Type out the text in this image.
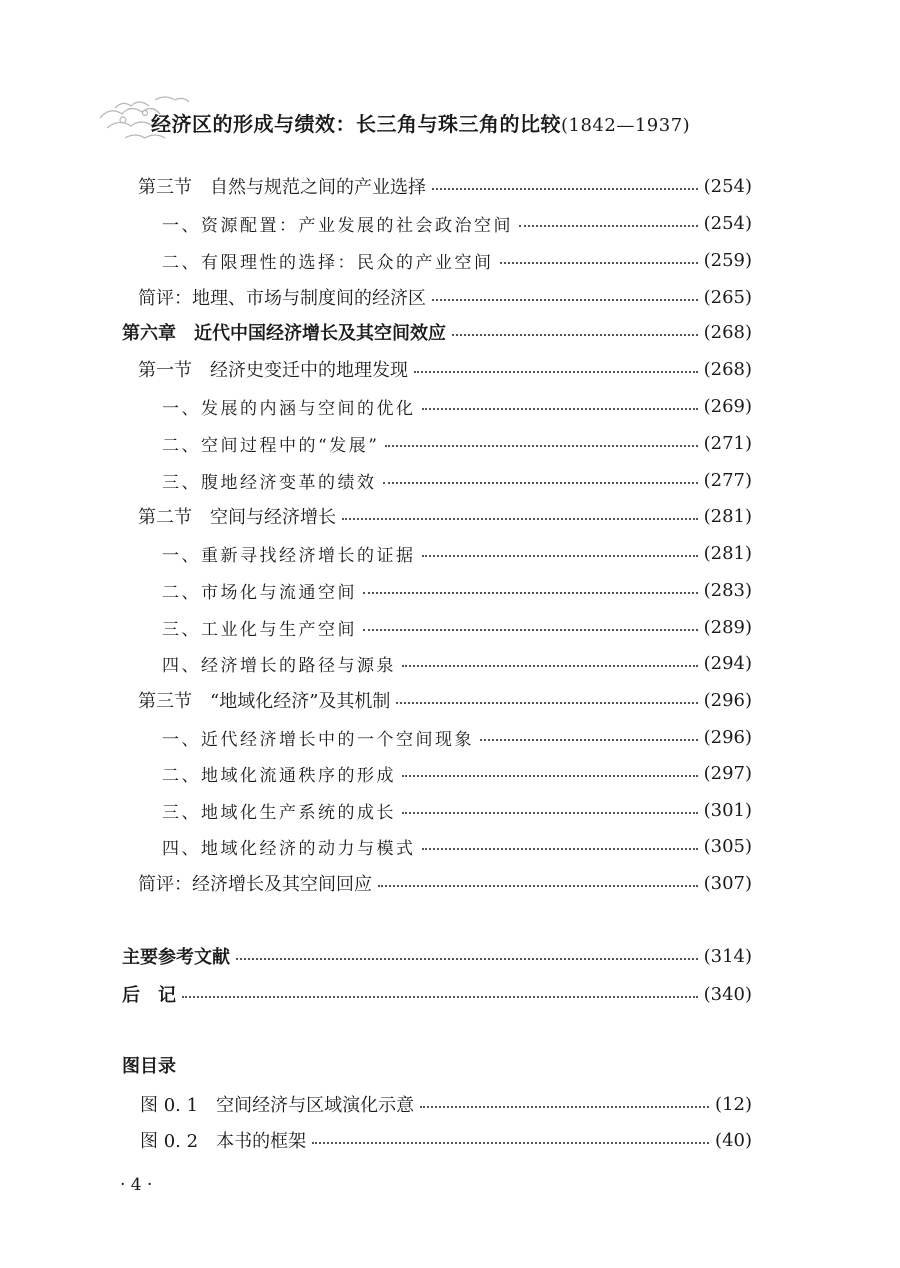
经济区的形成与绩效：长三角与珠三角的比较(1842—1937)
第三节　自然与规范之间的产业选择	(254)
一、资源配置：产业发展的社会政治空间	(254)
二、有限理性的选择：民众的产业空间	(259)
简评：地理、市场与制度间的经济区	(265)
第六章　近代中国经济增长及其空间效应	(268)
第一节　经济史变迁中的地理发现	(268)
一、发展的内涵与空间的优化	(269)
二、空间过程中的“发展”	(271)
三、腹地经济变革的绩效	(277)
第二节　空间与经济增长	(281)
一、重新寻找经济增长的证据	(281)
二、市场化与流通空间	(283)
三、工业化与生产空间	(289)
四、经济增长的路径与源泉	(294)
第三节　“地域化经济”及其机制	(296)
一、近代经济增长中的一个空间现象	(296)
二、地域化流通秩序的形成	(297)
三、地域化生产系统的成长	(301)
四、地域化经济的动力与模式	(305)
简评：经济增长及其空间回应	(307)
主要参考文献	(314)
后　记	(340)
图目录
图 0. 1　空间经济与区域演化示意	(12)
图 0. 2　本书的框架	(40)
· 4 ·
